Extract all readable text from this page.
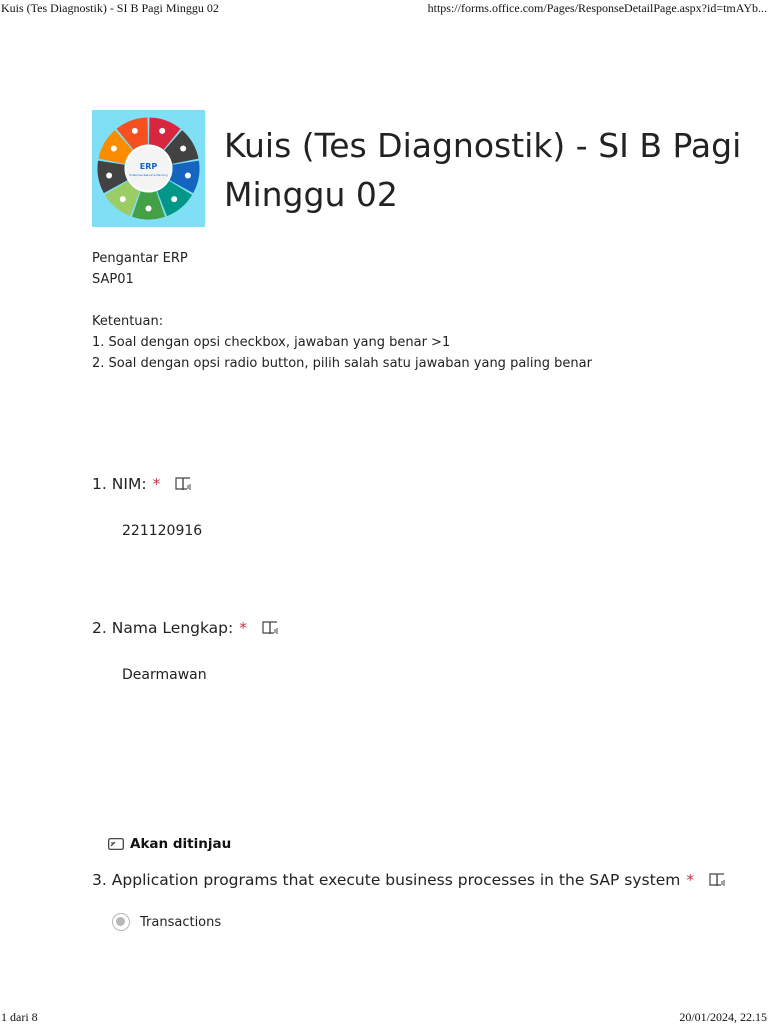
Kuis (Tes Diagnostik) - SI B Pagi Minggu 02	https://forms.office.com/Pages/ResponseDetailPage.aspx?id=tmAYb...
ERP
Enterprise Resource Planning
Kuis (Tes Diagnostik) - SI B Pagi Minggu 02
Pengantar ERP
SAP01
Ketentuan:
1. Soal dengan opsi checkbox, jawaban yang benar >1
2. Soal dengan opsi radio button, pilih salah satu jawaban yang paling benar
1. NIM: *
221120916
2. Nama Lengkap: *
Dearmawan
Akan ditinjau
3. Application programs that execute business processes in the SAP system *
Transactions
1 dari 8	20/01/2024, 22.15
